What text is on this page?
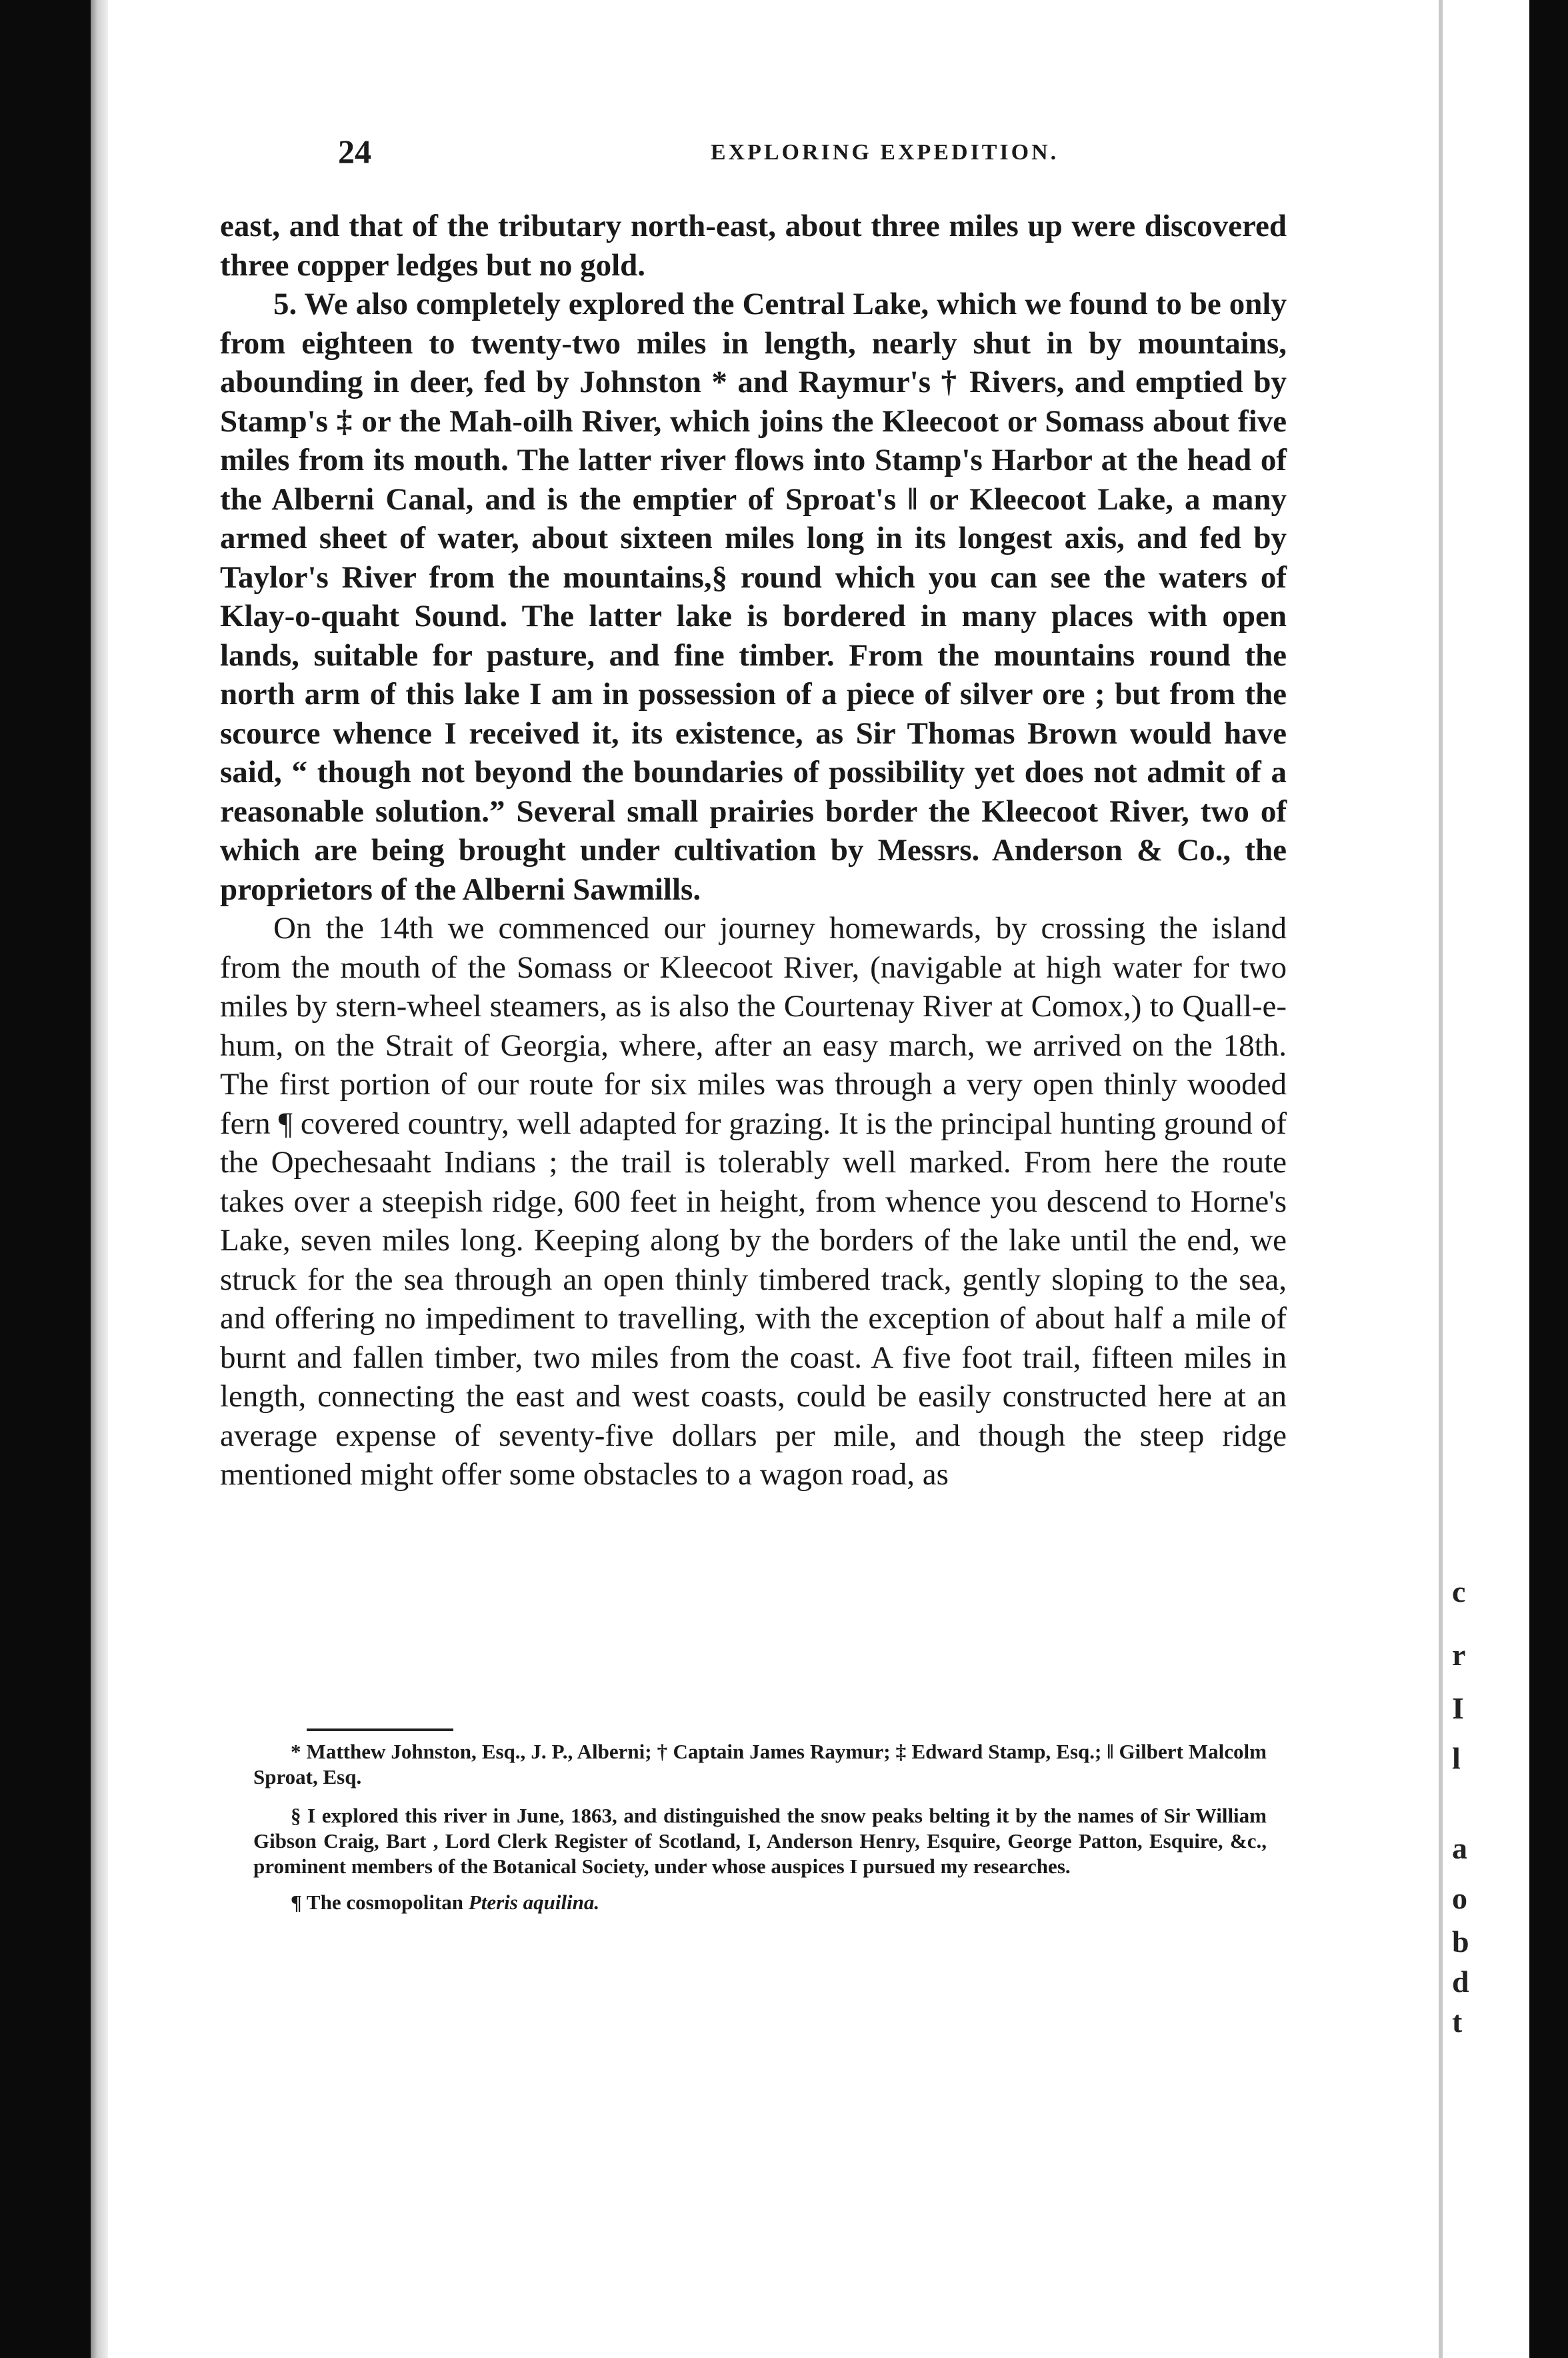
24	EXPLORING EXPEDITION.

east, and that of the tributary north-east, about three miles up were discovered three copper ledges but no gold.

5. We also completely explored the Central Lake, which we found to be only from eighteen to twenty-two miles in length, nearly shut in by mountains, abounding in deer, fed by Johnston * and Raymur's † Rivers, and emptied by Stamp's ‡ or the Mah-oilh River, which joins the Kleecoot or Somass about five miles from its mouth. The latter river flows into Stamp's Harbor at the head of the Alberni Canal, and is the emptier of Sproat's ‖ or Kleecoot Lake, a many armed sheet of water, about sixteen miles long in its longest axis, and fed by Taylor's River from the mountains,§ round which you can see the waters of Klay-o-quaht Sound. The latter lake is bordered in many places with open lands, suitable for pasture, and fine timber. From the mountains round the north arm of this lake I am in possession of a piece of silver ore ; but from the scource whence I received it, its existence, as Sir Thomas Brown would have said, “ though not beyond the boundaries of possibility yet does not admit of a reasonable solution.” Several small prairies border the Kleecoot River, two of which are being brought under cultivation by Messrs. Anderson & Co., the proprietors of the Alberni Sawmills.

On the 14th we commenced our journey homewards, by crossing the island from the mouth of the Somass or Kleecoot River, (navigable at high water for two miles by stern-wheel steamers, as is also the Courtenay River at Comox,) to Quall-e-hum, on the Strait of Georgia, where, after an easy march, we arrived on the 18th. The first portion of our route for six miles was through a very open thinly wooded fern ¶ covered country, well adapted for grazing. It is the principal hunting ground of the Opechesaaht Indians ; the trail is tolerably well marked. From here the route takes over a steepish ridge, 600 feet in height, from whence you descend to Horne's Lake, seven miles long. Keeping along by the borders of the lake until the end, we struck for the sea through an open thinly timbered track, gently sloping to the sea, and offering no impediment to travelling, with the exception of about half a mile of burnt and fallen timber, two miles from the coast. A five foot trail, fifteen miles in length, connecting the east and west coasts, could be easily constructed here at an average expense of seventy-five dollars per mile, and though the steep ridge mentioned might offer some obstacles to a wagon road, as

* Matthew Johnston, Esq., J. P., Alberni; † Captain James Raymur; ‡ Edward Stamp, Esq.; ‖ Gilbert Malcolm Sproat, Esq.

§ I explored this river in June, 1863, and distinguished the snow peaks belting it by the names of Sir William Gibson Craig, Bart , Lord Clerk Register of Scotland, I, Anderson Henry, Esquire, George Patton, Esquire, &c., prominent members of the Botanical Society, under whose auspices I pursued my researches.

¶ The cosmopolitan Pteris aquilina.

c
r
I
l
a
o
b
d
t
